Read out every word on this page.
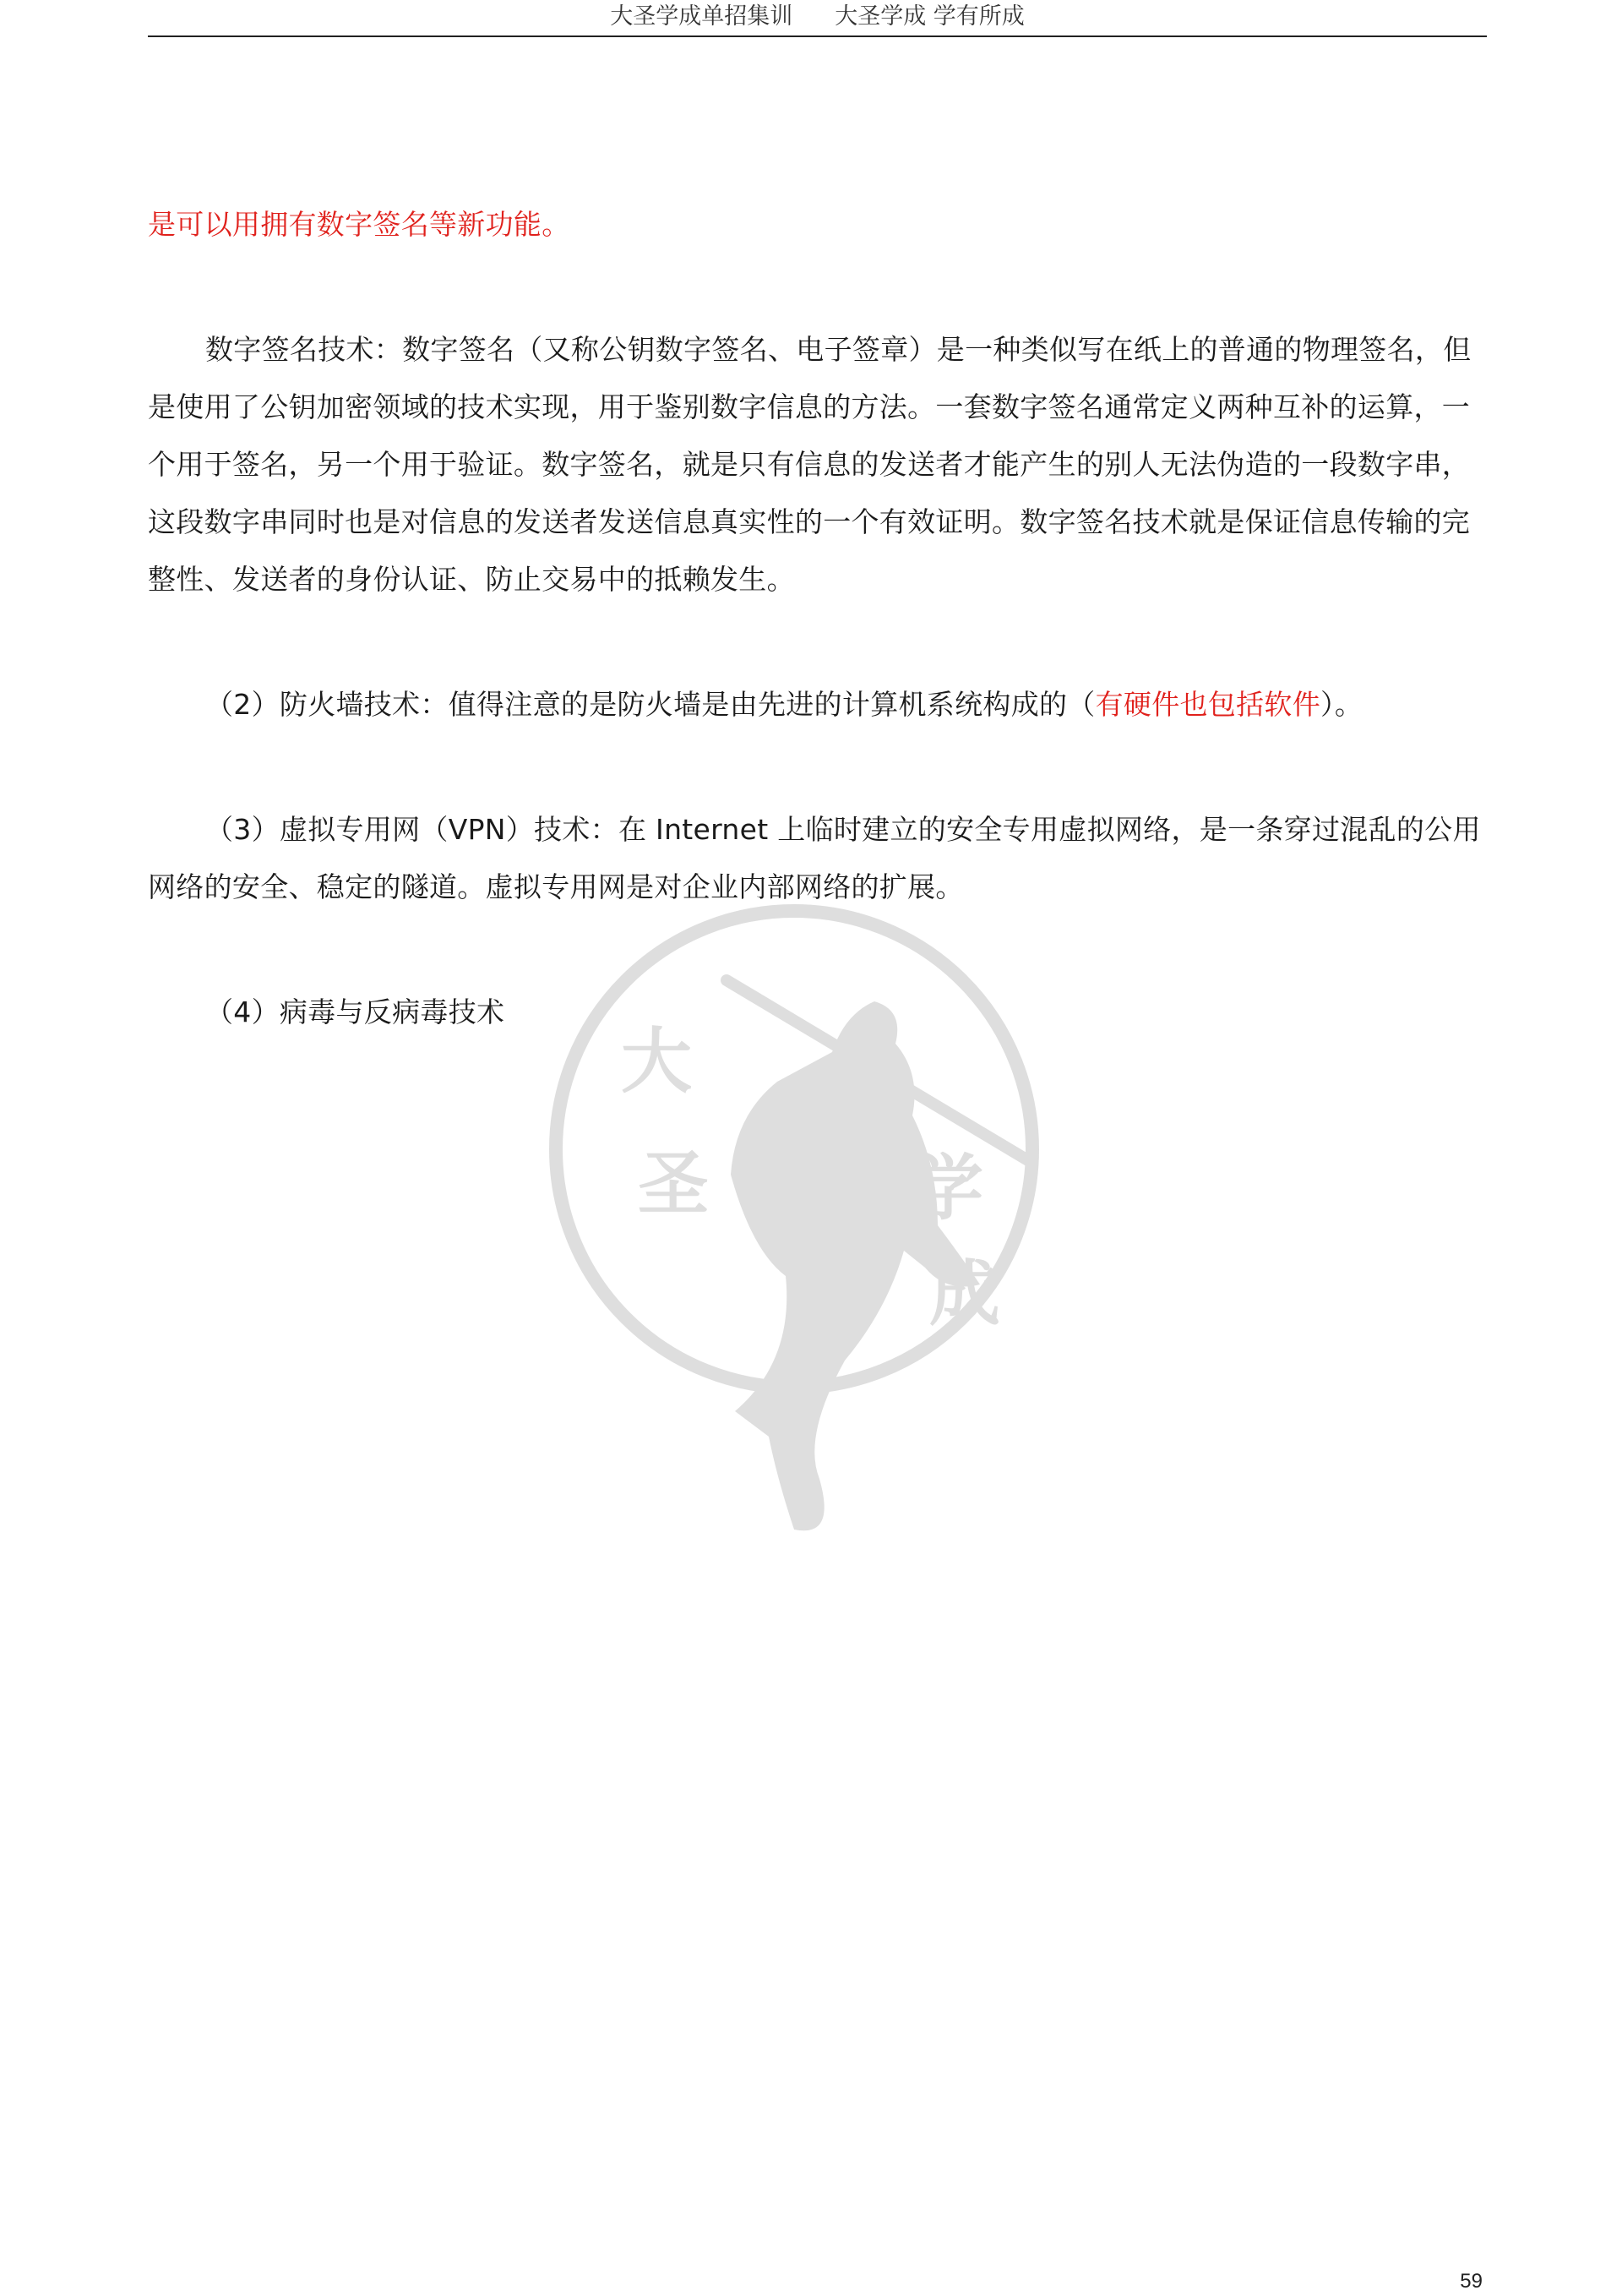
大圣学成单招集训 大圣学成 学有所成
大
圣	学
成

是可以用拥有数字签名等新功能。

数字签名技术：数字签名（又称公钥数字签名、电子签章）是一种类似写在纸上的普通的物理签名，但是使用了公钥加密领域的技术实现，用于鉴别数字信息的方法。一套数字签名通常定义两种互补的运算，一个用于签名，另一个用于验证。数字签名，就是只有信息的发送者才能产生的别人无法伪造的一段数字串，这段数字串同时也是对信息的发送者发送信息真实性的一个有效证明。数字签名技术就是保证信息传输的完整性、发送者的身份认证、防止交易中的抵赖发生。

（2）防火墙技术：值得注意的是防火墙是由先进的计算机系统构成的（有硬件也包括软件）。

（3）虚拟专用网（VPN）技术：在 Internet 上临时建立的安全专用虚拟网络，是一条穿过混乱的公用网络的安全、稳定的隧道。虚拟专用网是对企业内部网络的扩展。

（4）病毒与反病毒技术

59
